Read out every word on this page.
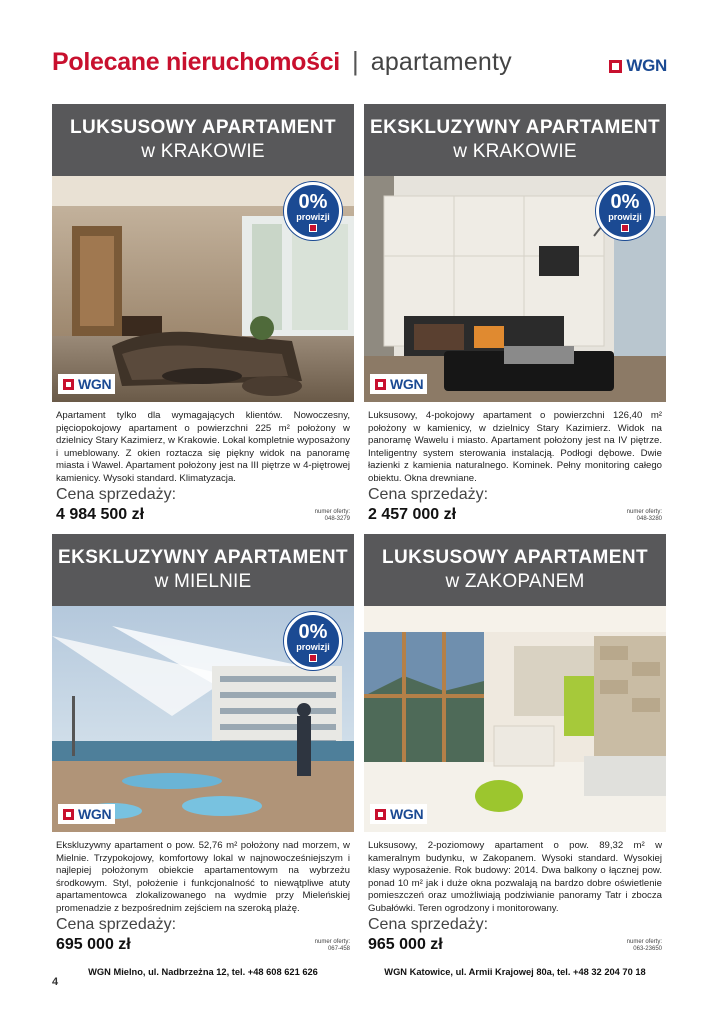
Polecane nieruchomości | apartamenty	WGN
LUKSUSOWY APARTAMENT
w KRAKOWIE
0%
prowizji
WGN
Apartament tylko dla wymagających klientów. Nowoczesny, pięciopokojowy apartament o powierzchni 225 m² położony w dzielnicy Stary Kazimierz, w Krakowie. Lokal kompletnie wyposażony i umeblowany. Z okien roztacza się piękny widok na panoramę miasta i Wawel. Apartament położony jest na III piętrze w 4-piętrowej kamienicy. Wysoki standard. Klimatyzacja.
Cena sprzedaży:
4 984 500 zł	numer oferty:
048-3279
EKSKLUZYWNY APARTAMENT
w KRAKOWIE
0%
prowizji
WGN
Luksusowy, 4-pokojowy apartament o powierzchni 126,40 m² położony w kamienicy, w dzielnicy Stary Kazimierz. Widok na panoramę Wawelu i miasto. Apartament położony jest na IV piętrze. Inteligentny system sterowania instalacją. Podłogi dębowe. Dwie łazienki z kamienia naturalnego. Kominek. Pełny monitoring całego obiektu. Okna drewniane.
Cena sprzedaży:
2 457 000 zł	numer oferty:
048-3280
EKSKLUZYWNY APARTAMENT
w MIELNIE
0%
prowizji
WGN
Ekskluzywny apartament o pow. 52,76 m² położony nad morzem, w Mielnie. Trzypokojowy, komfortowy lokal w najnowocześniejszym i najlepiej położonym obiekcie apartamentowym na wybrzeżu środkowym. Styl, położenie i funkcjonalność to niewątpliwe atuty apartamentowca zlokalizowanego na wydmie przy Mieleńskiej promenadzie z bezpośrednim zejściem na szeroką plażę.
Cena sprzedaży:
695 000 zł	numer oferty:
067-458
WGN Mielno, ul. Nadbrzeżna 12, tel. +48 608 621 626
LUKSUSOWY APARTAMENT
w ZAKOPANEM
WGN
Luksusowy, 2-poziomowy apartament o pow. 89,32 m² w kameralnym budynku, w Zakopanem. Wysoki standard. Wysokiej klasy wyposażenie. Rok budowy: 2014. Dwa balkony o łącznej pow. ponad 10 m² jak i duże okna pozwalają na bardzo dobre oświetlenie pomieszczeń oraz umożliwiają podziwianie panoramy Tatr i zbocza Gubałówki. Teren ogrodzony i monitorowany.
Cena sprzedaży:
965 000 zł	numer oferty:
063-23650
WGN Katowice, ul. Armii Krajowej 80a, tel. +48 32 204 70 18
4
